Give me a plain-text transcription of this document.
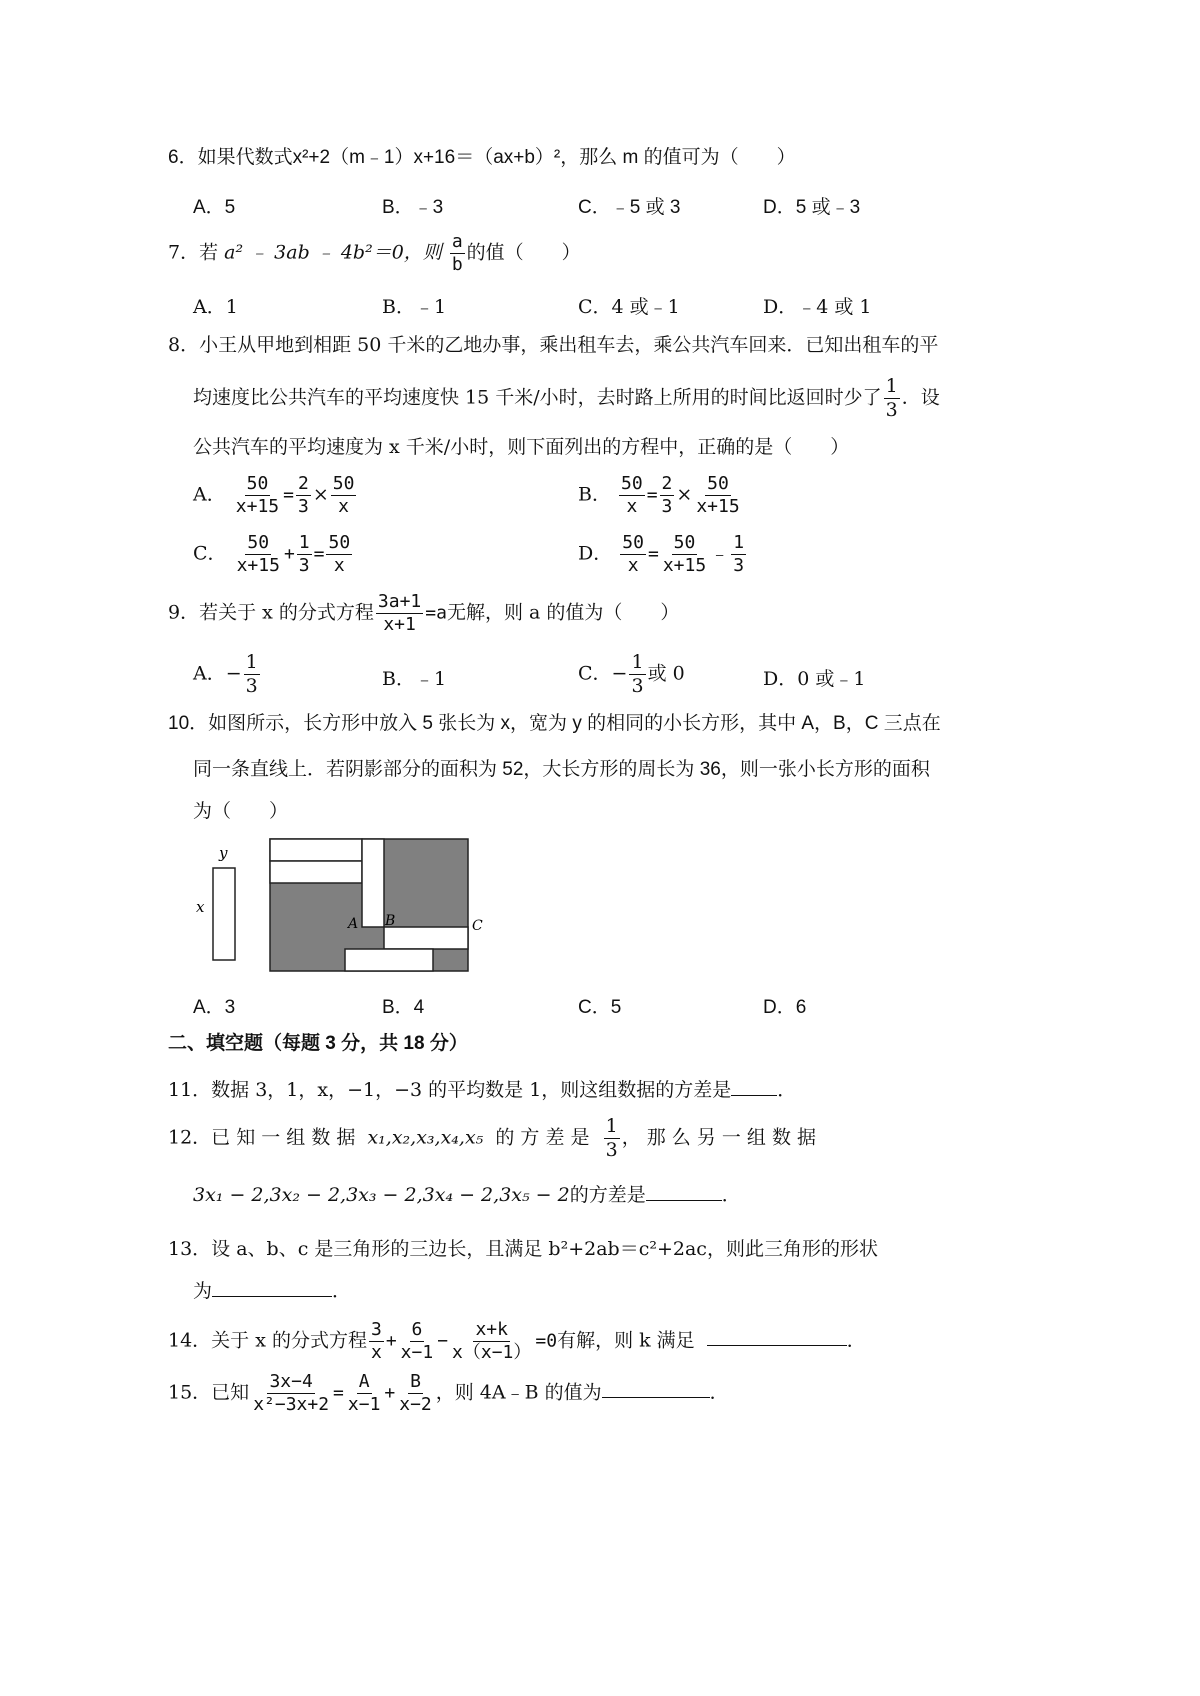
6．如果代数式x²+2（m﹣1）x+16＝（ax+b）²，那么 m 的值可为（　　）
A．5	B．﹣3	C．﹣5 或 3	D．5 或﹣3
7．若 a² ﹣ 3ab ﹣ 4b²＝0，则 $\frac{a}{b}$ 的值（　　）
A．1	B．﹣1	C．4 或﹣1	D．﹣4 或 1
8．小王从甲地到相距 50 千米的乙地办事，乘出租车去，乘公共汽车回来．已知出租车的平
均速度比公共汽车的平均速度快 15 千米/小时，去时路上所用的时间比返回时少了 $\frac{1}{3}$ ．设
公共汽车的平均速度为 x 千米/小时，则下面列出的方程中，正确的是（　　）
A． $\frac{50}{x+15} = \frac{2}{3} \times \frac{50}{x}$	B． $\frac{50}{x} = \frac{2}{3} \times \frac{50}{x+15}$
C． $\frac{50}{x+15} + \frac{1}{3} = \frac{50}{x}$	D． $\frac{50}{x} = \frac{50}{x+15}$ ﹣ $\frac{1}{3}$
9．若关于 x 的分式方程 $\frac{3a+1}{x+1} =a$无解，则 a 的值为（　　）
A．− $\frac{1}{3}$	B．﹣1	C．− $\frac{1}{3}$ 或 0	D．0 或﹣1
10．如图所示，长方形中放入 5 张长为 x，宽为 y 的相同的小长方形，其中 A，B，C 三点在
同一条直线上．若阴影部分的面积为 52，大长方形的周长为 36，则一张小长方形的面积
为（　　）
y
x
A B	C
A．3	B．4	C．5	D．6
二、填空题（每题 3 分，共 18 分）
11．数据 3，1，x，−1，−3 的平均数是 1，则这组数据的方差是 ．
12．已 知 一 组 数 据 x₁,x₂,x₃,x₄,x₅ 的 方 差 是 $\frac{1}{3}$ ， 那 么 另 一 组 数 据
3x₁ − 2,3x₂ − 2,3x₃ − 2,3x₄ − 2,3x₅ − 2的方差是	．
13．设 a、b、c 是三角形的三边长，且满足 b²+2ab＝c²+2ac，则此三角形的形状
为	．
14．关于 x 的分式方程 $\frac{3}{x} + \frac{6}{x-1} - \frac{x+k}{x(x-1)} =0$有解，则 k 满足	．
15．已知 $\frac{3x-4}{\text{x²−3x+2}} = \frac{A}{x-1} + \frac{B}{x-2}$ ，则 4A﹣B 的值为	．
